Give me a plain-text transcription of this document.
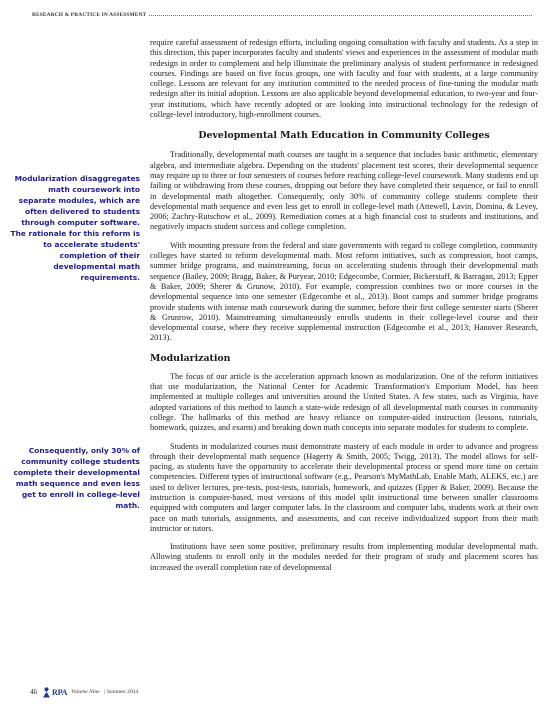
RESEARCH & PRACTICE IN ASSESSMENT
Modularization disaggregates math coursework into separate modules, which are often delivered to students through computer software. The rationale for this reform is to accelerate students' completion of their developmental math requirements.
Consequently, only 30% of community college students complete their developmental math sequence and even less get to enroll in college-level math.

require careful assessment of redesign efforts, including ongoing consultation with faculty and students. As a step in this direction, this paper incorporates faculty and students' views and experiences in the assessment of modular math redesign in order to complement and help illuminate the preliminary analysis of student performance in redesigned courses. Findings are based on five focus groups, one with faculty and four with students, at a large community college. Lessons are relevant for any institution committed to the needed process of fine-tuning the modular math redesign after its initial adoption. Lessons are also applicable beyond developmental education, to two-year and four-year institutions, which have recently adopted or are looking into instructional technology for the redesign of college-level introductory, high-enrollment courses.

Developmental Math Education in Community Colleges

Traditionally, developmental math courses are taught in a sequence that includes basic arithmetic, elementary algebra, and intermediate algebra. Depending on the students' placement test scores, their developmental sequence may require up to three or four semesters of courses before reaching college-level coursework. Many students end up failing or withdrawing from these courses, dropping out before they have completed their sequence, or fail to enroll in developmental math altogether. Consequently, only 30% of community college students complete their developmental math sequence and even less get to enroll in college-level math (Attewell, Lavin, Domina, & Levey, 2006; Zachry-Rutschow et al., 2009). Remediation comes at a high financial cost to students and institutions, and negatively impacts student success and college completion.

With mounting pressure from the federal and state governments with regard to college completion, community colleges have started to reform developmental math. Most reform initiatives, such as compression, boot camps, summer bridge programs, and mainstreaming, focus on accelerating students through their developmental math sequence (Bailey, 2009; Bragg, Baker, & Puryear, 2010; Edgecombe, Cormier, Bickerstaff, & Barragan, 2013; Epper & Baker, 2009; Sherer & Grunow, 2010). For example, compression combines two or more courses in the developmental sequence into one semester (Edgecombe et al., 2013). Boot camps and summer bridge programs provide students with intense math coursework during the summer, before their first college semester starts (Sherer & Grunrow, 2010). Mainstreaming simultaneously enrolls students in their college-level course and their developmental course, where they receive supplemental instruction (Edgecombe et al., 2013; Hanover Research, 2013).

Modularization

The focus of our article is the acceleration approach known as modularization. One of the reform initiatives that use modularization, the National Center for Academic Transformation's Emporium Model, has been implemented at multiple colleges and universities around the United States. A few states, such as Virginia, have adopted variations of this method to launch a state-wide redesign of all developmental math courses in community college. The hallmarks of this method are heavy reliance on computer-aided instruction (lessons, tutorials, homework, quizzes, and exams) and breaking down math concepts into separate modules for students to complete.

Students in modularized courses must demonstrate mastery of each module in order to advance and progress through their developmental math sequence (Hagerty & Smith, 2005; Twigg, 2013). The model allows for self-pacing, as students have the opportunity to accelerate their developmental process or spend more time on certain competencies. Different types of instructional software (e.g., Pearson's MyMathLab, Enable Math, ALEKS, etc.) are used to deliver lectures, pre-tests, post-tests, tutorials, homework, and quizzes (Epper & Baker, 2009). Because the instruction is computer-based, most versions of this model split instructional time between smaller classrooms equipped with computers and larger computer labs. In the classroom and computer labs, students work at their own pace on math tutorials, assignments, and assessments, and can receive individualized support from their math instructor or tutors.

Institutions have seen some positive, preliminary results from implementing modular developmental math. Allowing students to enroll only in the modules needed for their program of study and placement scores has increased the overall completion rate of developmental

46 RPA Volume Nine | Summer 2014
